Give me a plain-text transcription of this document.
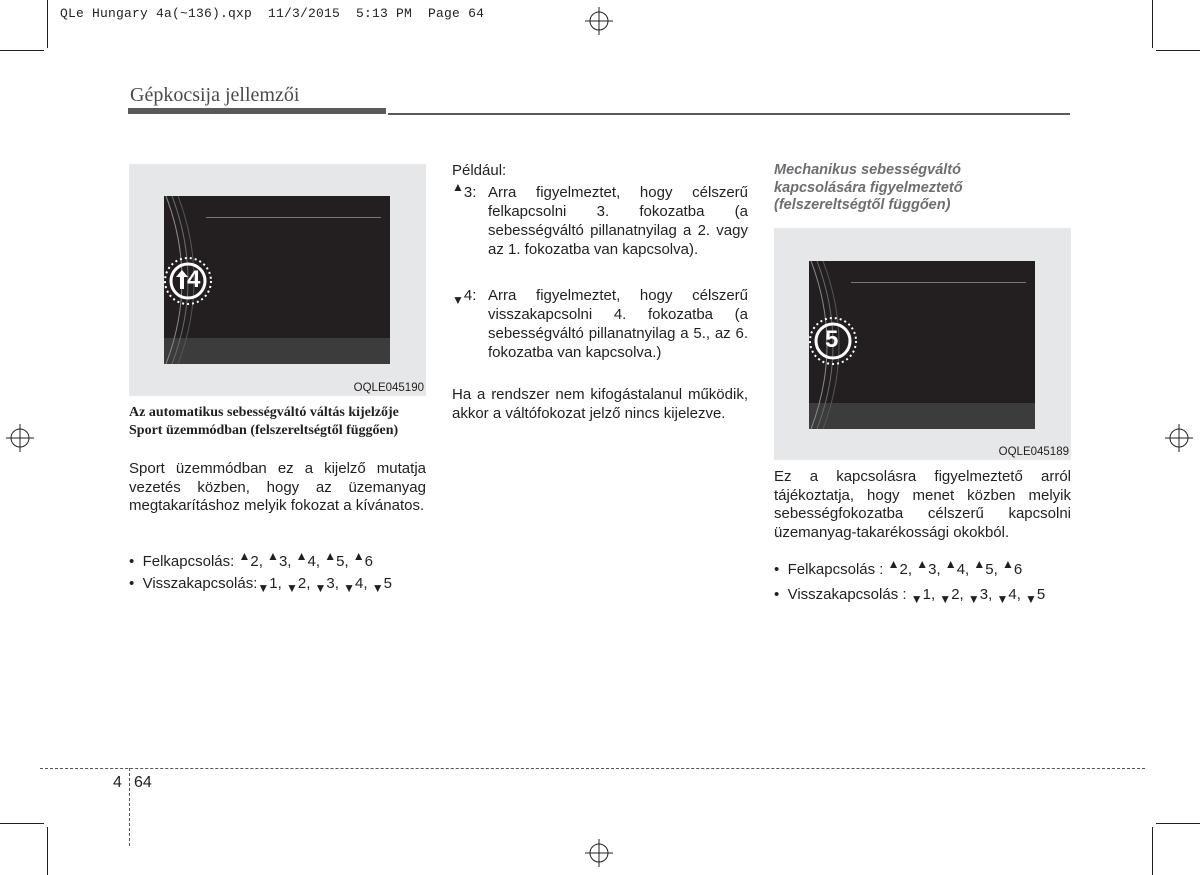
QLe Hungary 4a(~136).qxp  11/3/2015  5:13 PM  Page 64
Gépkocsija jellemzői
4
OQLE045190
Az automatikus sebességváltó váltás kijelzője Sport üzemmódban (felszereltségtől függően)
Sport üzemmódban ez a kijelző mutatja vezetés közben, hogy az üzemanyag megtakarításhoz melyik fokozat a kívánatos.
•  Felkapcsolás: ▲2, ▲3, ▲4, ▲5, ▲6
•  $Visszakapcsolás:_▼1$, $_▼$2, $_▼$3, $_▼$4, $_▼$5
Például:
▲3: Arra figyelmeztet, hogy célszerű felkapcsolni 3. fokozatba (a sebességváltó pillanatnyilag a 2. vagy az 1. fokozatba van kapcsolva).
$_▼$4: Arra figyelmeztet, hogy célszerű visszakapcsolni 4. fokozatba (a sebességváltó pillanatnyilag a 5., az 6. fokozatba van kapcsolva.)
Ha a rendszer nem kifogástalanul működik, akkor a váltófokozat jelző nincs kijelezve.
Mechanikus sebességváltó kapcsolására figyelmeztető (felszereltségtől függően)
5
OQLE045189
Ez a kapcsolásra figyelmeztető arról tájékoztatja, hogy menet közben melyik sebességfokozatba célszerű kapcsolni üzemanyag-takarékossági okokból.
•  Felkapcsolás : ▲2, ▲3, ▲4, ▲5, ▲6
•  Visszakapcsolás : $_▼$1, $_▼$2, $_▼$3, $_▼$4, $_▼$5
4 64
